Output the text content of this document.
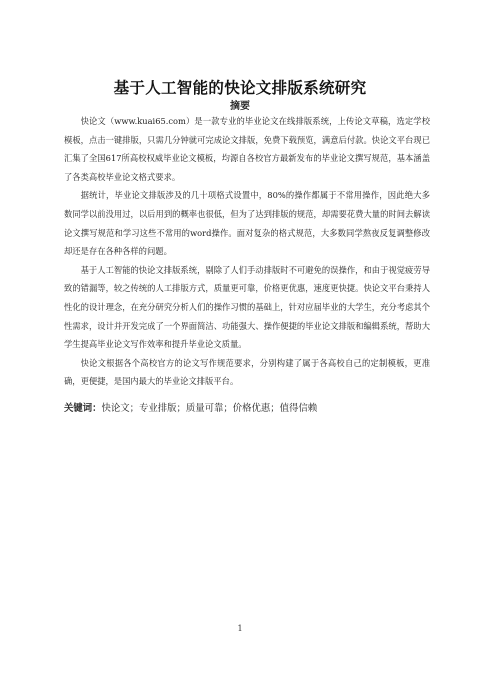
基于人工智能的快论文排版系统研究
摘要

快论文（www.kuai65.com）是一款专业的毕业论文在线排版系统，上传论文草稿，选定学校模板，点击一键排版，只需几分钟就可完成论文排版，免费下载预览，满意后付款。快论文平台现已汇集了全国617所高校权威毕业论文模板，均源自各校官方最新发布的毕业论文撰写规范，基本涵盖了各类高校毕业论文格式要求。

据统计，毕业论文排版涉及的几十项格式设置中，80%的操作都属于不常用操作，因此绝大多数同学以前没用过，以后用到的概率也很低，但为了达到排版的规范，却需要花费大量的时间去解读论文撰写规范和学习这些不常用的word操作。面对复杂的格式规范，大多数同学熬夜反复调整修改却还是存在各种各样的问题。

基于人工智能的快论文排版系统，剔除了人们手动排版时不可避免的误操作，和由于视觉疲劳导致的错漏等，较之传统的人工排版方式，质量更可靠，价格更优惠，速度更快捷。快论文平台秉持人性化的设计理念，在充分研究分析人们的操作习惯的基础上，针对应届毕业的大学生，充分考虑其个性需求，设计并开发完成了一个界面简洁、功能强大、操作便捷的毕业论文排版和编辑系统，帮助大学生提高毕业论文写作效率和提升毕业论文质量。

快论文根据各个高校官方的论文写作规范要求，分别构建了属于各高校自己的定制模板，更准确，更便捷，是国内最大的毕业论文排版平台。

关键词：快论文；专业排版；质量可靠；价格优惠；值得信赖
1
